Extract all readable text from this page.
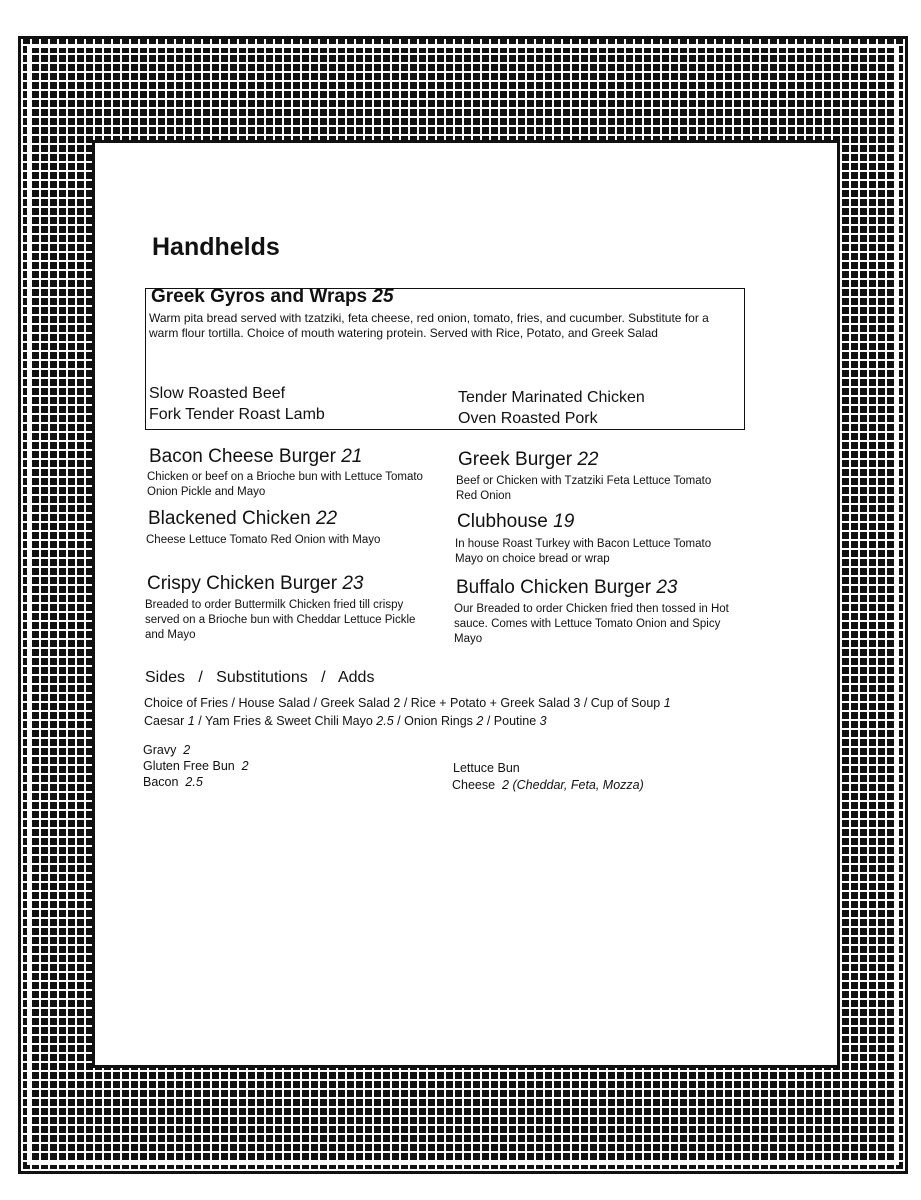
Handhelds
Greek Gyros and Wraps 25
Warm pita bread served with tzatziki, feta cheese, red onion, tomato, fries, and cucumber. Substitute for a warm flour tortilla. Choice of mouth watering protein. Served with Rice, Potato, and Greek Salad
Slow Roasted Beef
Fork Tender Roast Lamb
Tender Marinated Chicken
Oven Roasted Pork
Bacon Cheese Burger 21
Chicken or beef on a Brioche bun with Lettuce Tomato Onion Pickle and Mayo
Greek Burger 22
Beef or Chicken with Tzatziki Feta Lettuce Tomato Red Onion
Blackened Chicken 22
Cheese Lettuce Tomato Red Onion with Mayo
Clubhouse 19
In house Roast Turkey with Bacon Lettuce Tomato Mayo on choice bread or wrap
Crispy Chicken Burger 23
Breaded to order Buttermilk Chicken fried till crispy served on a Brioche bun with Cheddar Lettuce Pickle and Mayo
Buffalo Chicken Burger 23
Our Breaded to order Chicken fried then tossed in Hot sauce. Comes with Lettuce Tomato Onion and Spicy Mayo
Sides   /   Substitutions   /   Adds
Choice of Fries / House Salad / Greek Salad 2 / Rice + Potato + Greek Salad 3 / Cup of Soup 1
Caesar 1 / Yam Fries & Sweet Chili Mayo 2.5 / Onion Rings 2 / Poutine 3
Gravy 2
Gluten Free Bun 2
Bacon 2.5
Lettuce Bun
Cheese 2 (Cheddar, Feta, Mozza)
